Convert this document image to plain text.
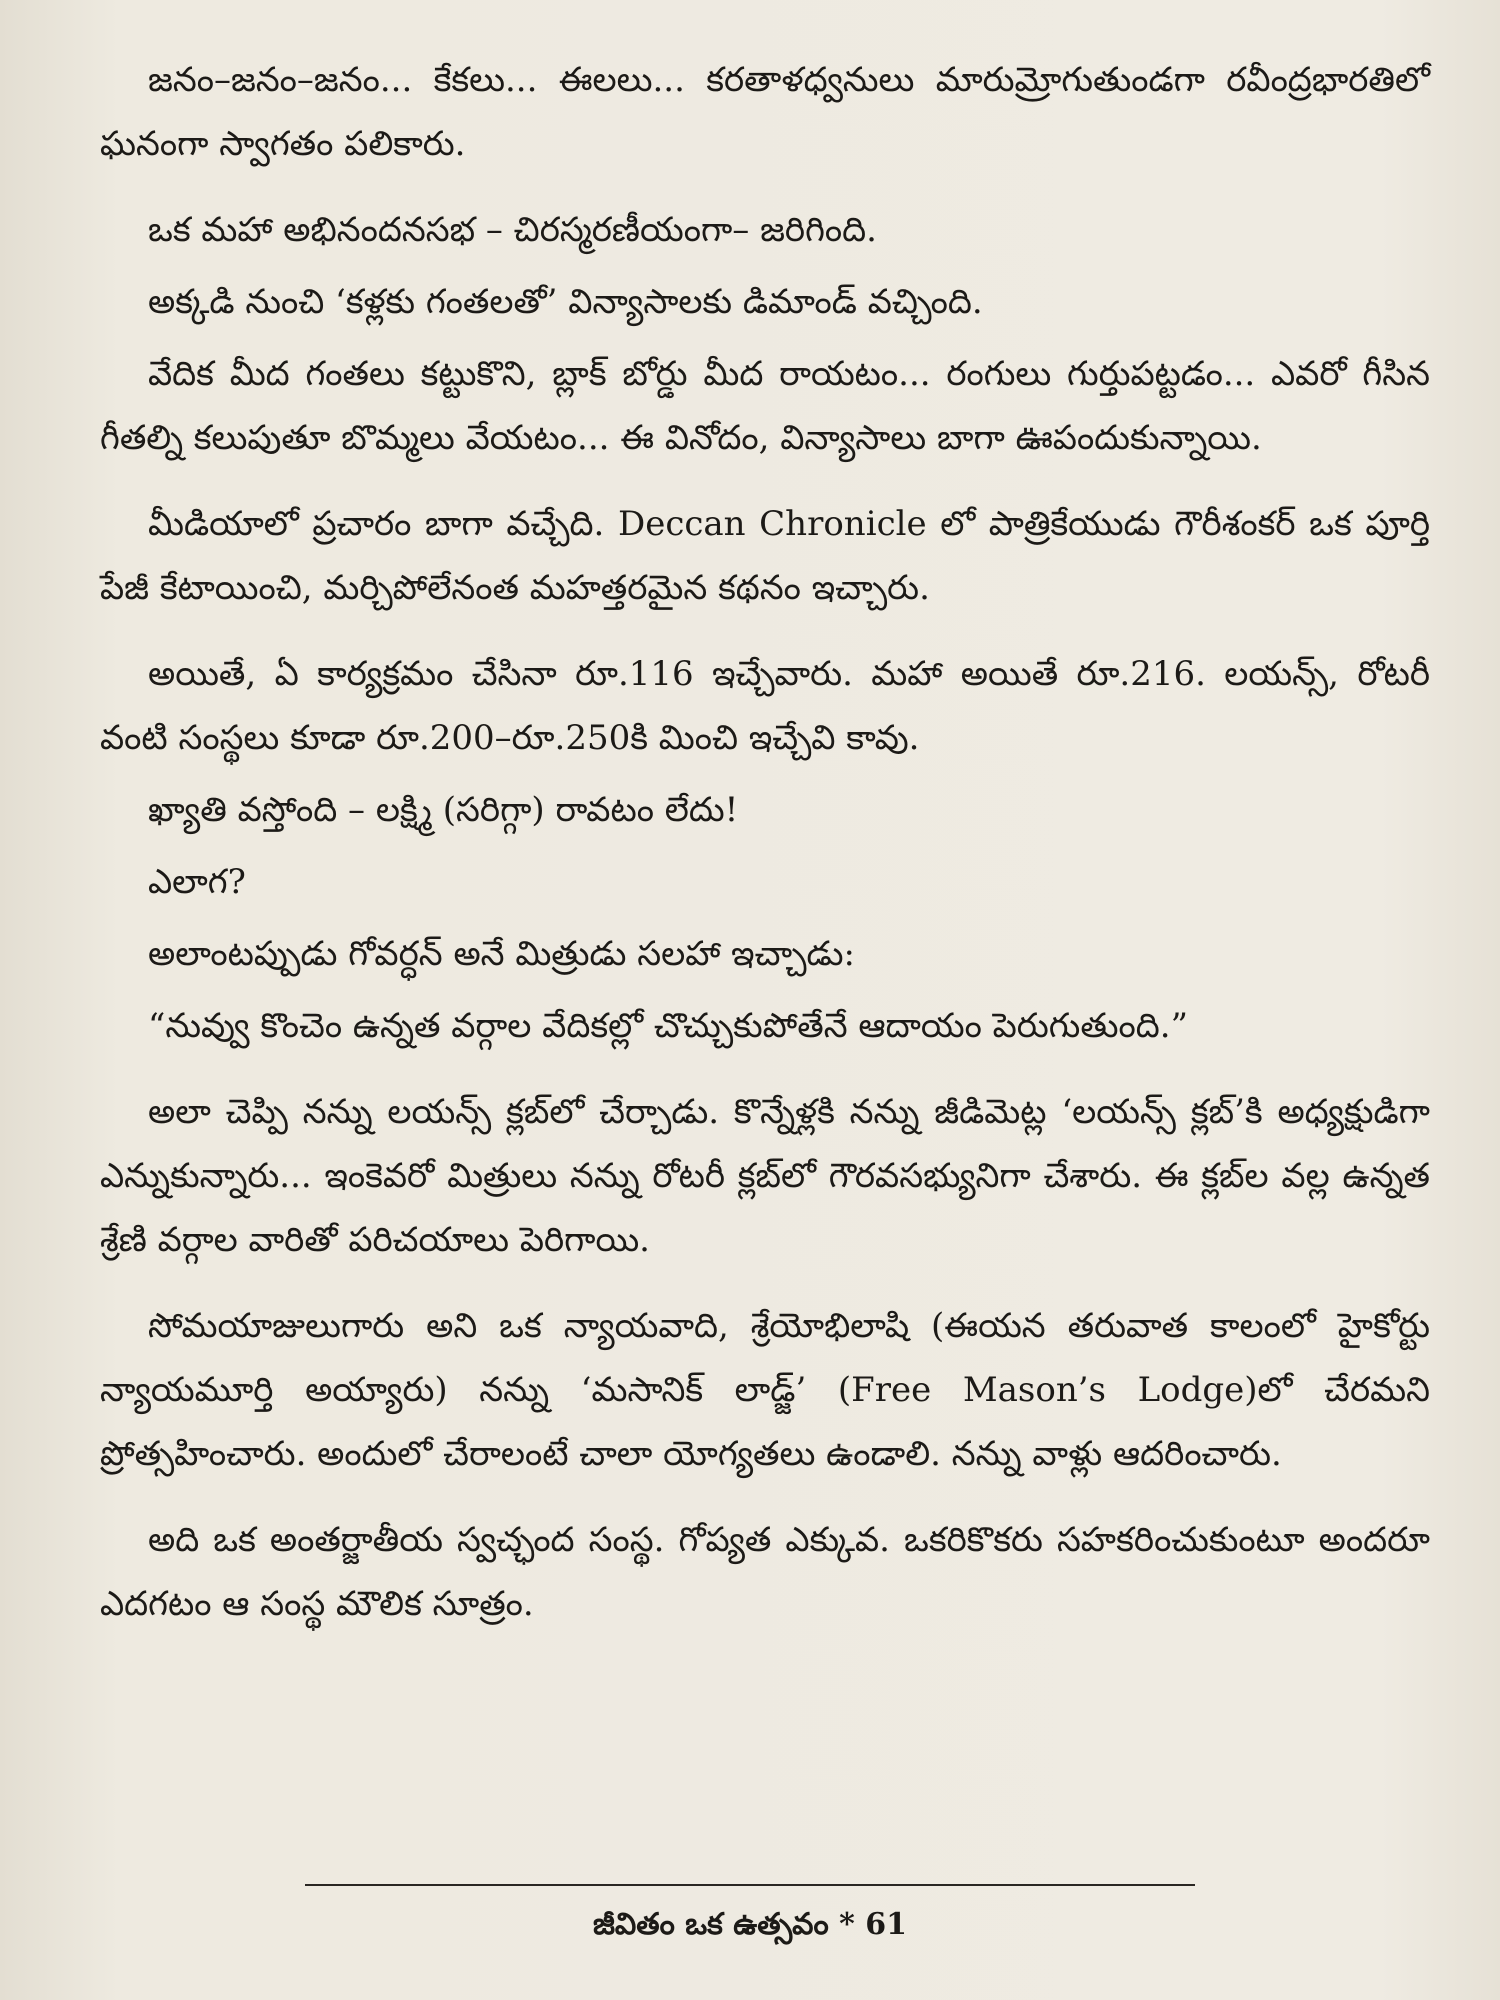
జనం–జనం–జనం... కేకలు... ఈలలు... కరతాళధ్వనులు మారుమ్రోగుతుండగా రవీంద్రభారతిలో ఘనంగా స్వాగతం పలికారు.

ఒక మహా అభినందనసభ – చిరస్మరణీయంగా– జరిగింది.

అక్కడి నుంచి ‘కళ్లకు గంతలతో’ విన్యాసాలకు డిమాండ్ వచ్చింది.

వేదిక మీద గంతలు కట్టుకొని, బ్లాక్ బోర్డు మీద రాయటం... రంగులు గుర్తుపట్టడం... ఎవరో గీసిన గీతల్ని కలుపుతూ బొమ్మలు వేయటం... ఈ వినోదం, విన్యాసాలు బాగా ఊపందుకున్నాయి.

మీడియాలో ప్రచారం బాగా వచ్చేది. Deccan Chronicle లో పాత్రికేయుడు గౌరీశంకర్ ఒక పూర్తి పేజీ కేటాయించి, మర్చిపోలేనంత మహత్తరమైన కథనం ఇచ్చారు.

అయితే, ఏ కార్యక్రమం చేసినా రూ.116 ఇచ్చేవారు. మహా అయితే రూ.216. లయన్స్, రోటరీ వంటి సంస్థలు కూడా రూ.200–రూ.250కి మించి ఇచ్చేవి కావు.

ఖ్యాతి వస్తోంది – లక్ష్మి (సరిగ్గా) రావటం లేదు!

ఎలాగ?

అలాంటప్పుడు గోవర్ధన్ అనే మిత్రుడు సలహా ఇచ్చాడు:

“నువ్వు కొంచెం ఉన్నత వర్గాల వేదికల్లో చొచ్చుకుపోతేనే ఆదాయం పెరుగుతుంది.”

అలా చెప్పి నన్ను లయన్స్ క్లబ్‌లో చేర్చాడు. కొన్నేళ్లకి నన్ను జీడిమెట్ల ‘లయన్స్ క్లబ్’కి అధ్యక్షుడిగా ఎన్నుకున్నారు... ఇంకెవరో మిత్రులు నన్ను రోటరీ క్లబ్‌లో గౌరవసభ్యునిగా చేశారు. ఈ క్లబ్‌ల వల్ల ఉన్నత శ్రేణి వర్గాల వారితో పరిచయాలు పెరిగాయి.

సోమయాజులుగారు అని ఒక న్యాయవాది, శ్రేయోభిలాషి (ఈయన తరువాత కాలంలో హైకోర్టు న్యాయమూర్తి అయ్యారు) నన్ను ‘మసానిక్ లాడ్జ్’ (Free Mason’s Lodge)లో చేరమని ప్రోత్సహించారు. అందులో చేరాలంటే చాలా యోగ్యతలు ఉండాలి. నన్ను వాళ్లు ఆదరించారు.

అది ఒక అంతర్జాతీయ స్వచ్ఛంద సంస్థ. గోప్యత ఎక్కువ. ఒకరికొకరు సహకరించుకుంటూ అందరూ ఎదగటం ఆ సంస్థ మౌలిక సూత్రం.

జీవితం ఒక ఉత్సవం * 61
